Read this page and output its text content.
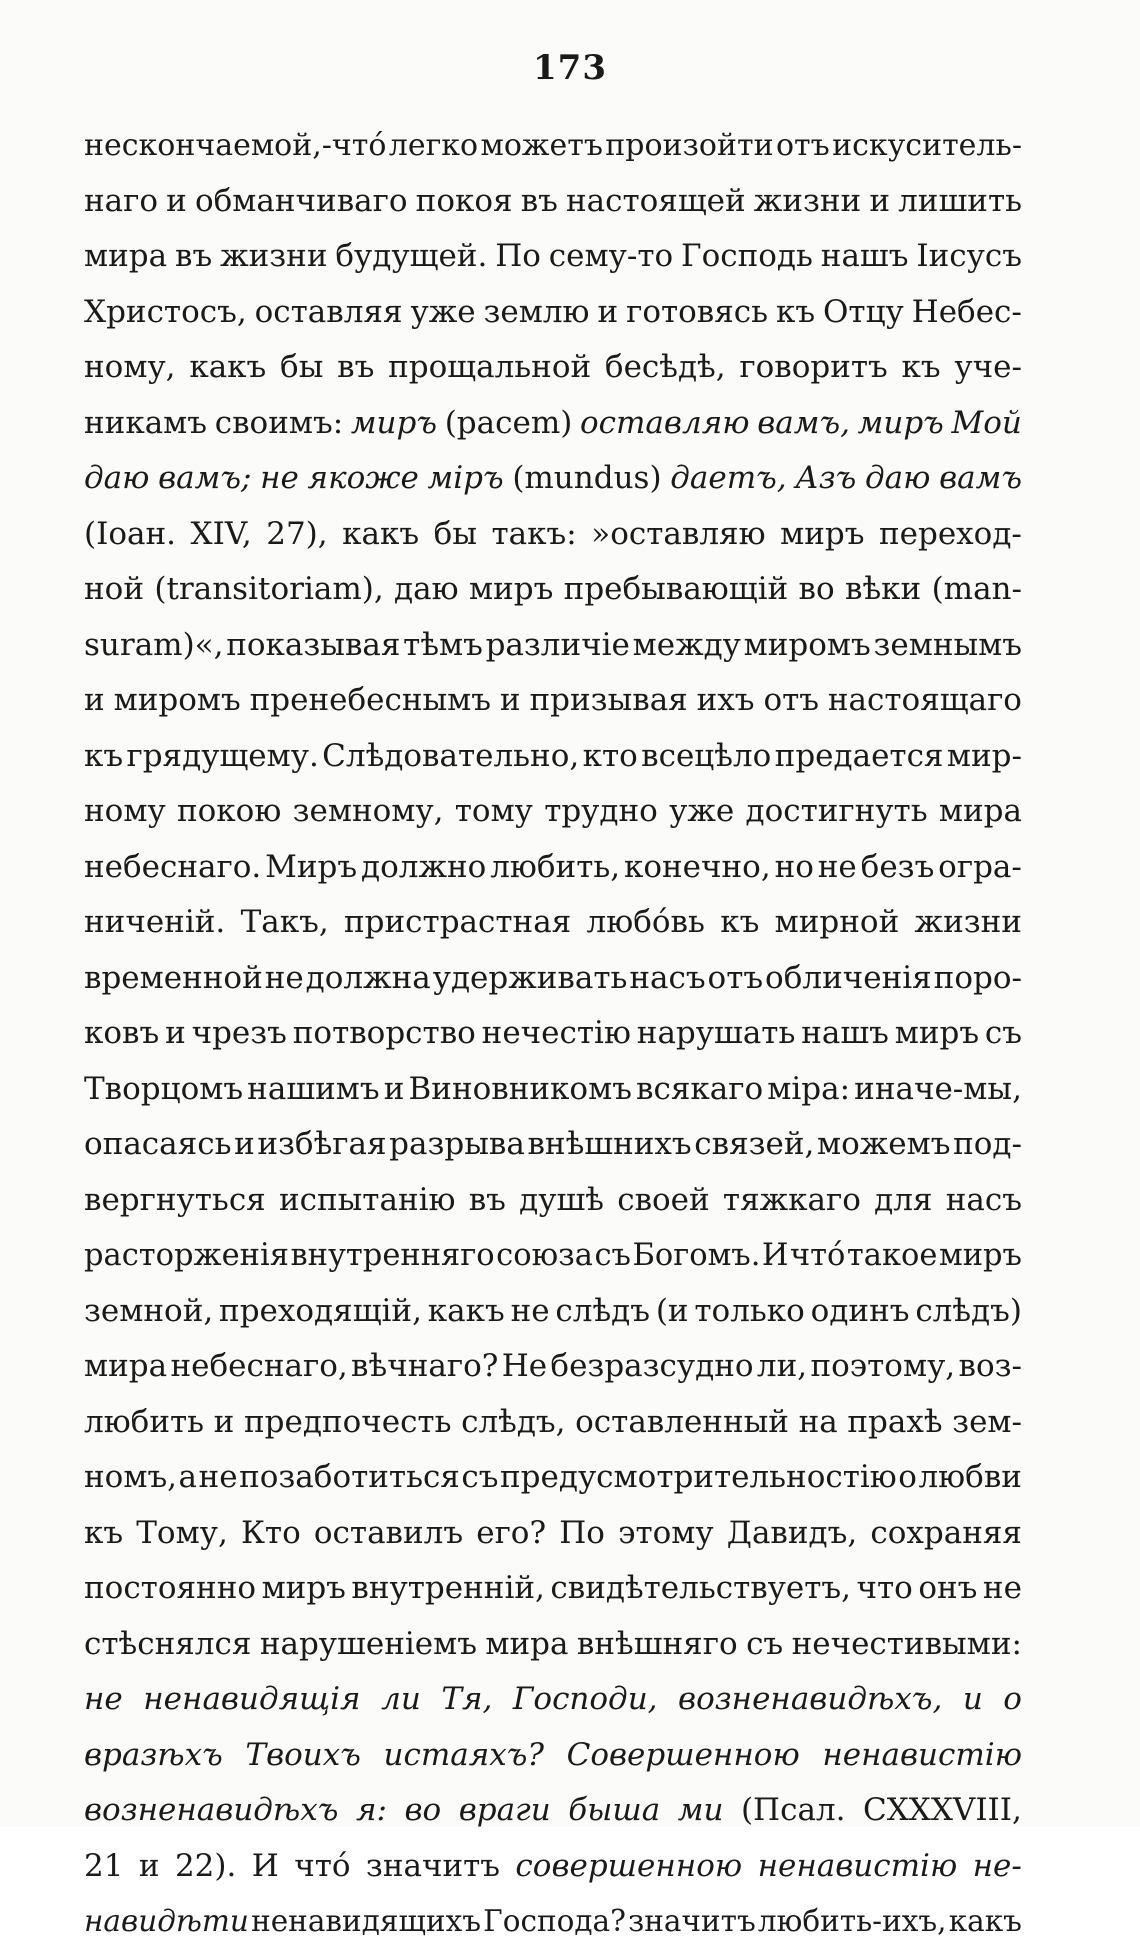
173
нескончаемой,-что́ легко можетъ произойти отъ искуситель-
наго и обманчиваго покоя въ настоящей жизни и лишить
мира въ жизни будущей. По сему-то Господь нашъ Іисусъ
Христосъ, оставляя уже землю и готовясь къ Отцу Небес-
ному, какъ бы въ прощальной бесѣдѣ, говоритъ къ уче-
никамъ своимъ: миръ (pacem) оставляю вамъ, миръ Мой
даю вамъ; не якоже міръ (mundus) даетъ, Азъ даю вамъ
(Іоан. XIV, 27), какъ бы такъ: »оставляю миръ переход-
ной (transitoriam), даю миръ пребывающій во вѣки (man-
suram)«, показывая тѣмъ различіе между миромъ земнымъ
и миромъ пренебеснымъ и призывая ихъ отъ настоящаго
къ грядущему. Слѣдовательно, кто всецѣло предается мир-
ному покою земному, тому трудно уже достигнуть мира
небеснаго. Миръ должно любить, конечно, но не безъ огра-
ниченій. Такъ, пристрастная любо́вь къ мирной жизни
временной не должна удерживать насъ отъ обличенія поро-
ковъ и чрезъ потворство нечестію нарушать нашъ миръ съ
Творцомъ нашимъ и Виновникомъ всякаго міра: иначе-мы,
опасаясь и избѣгая разрыва внѣшнихъ связей, можемъ под-
вергнуться испытанію въ душѣ своей тяжкаго для насъ
расторженія внутренняго союза съ Богомъ. И что́ такое миръ
земной, преходящій, какъ не слѣдъ (и только одинъ слѣдъ)
мира небеснаго, вѣчнаго? Не безразсудно ли, поэтому, воз-
любить и предпочесть слѣдъ, оставленный на прахѣ зем-
номъ, а не позаботиться съ предусмотрительностію о любви
къ Тому, Кто оставилъ его? По этому Давидъ, сохраняя
постоянно миръ внутренній, свидѣтельствуетъ, что онъ не
стѣснялся нарушеніемъ мира внѣшняго съ нечестивыми:
не ненавидящія ли Тя, Господи, возненавидѣхъ, и о
вразѣхъ Твоихъ истаяхъ? Совершенною ненавистію
возненавидѣхъ я: во враги быша ми (Псал. CXXXVIII,
21 и 22). И что́ значитъ совершенною ненавистію не-
навидѣти ненавидящихъ Господа? значитъ любить-ихъ, какъ
